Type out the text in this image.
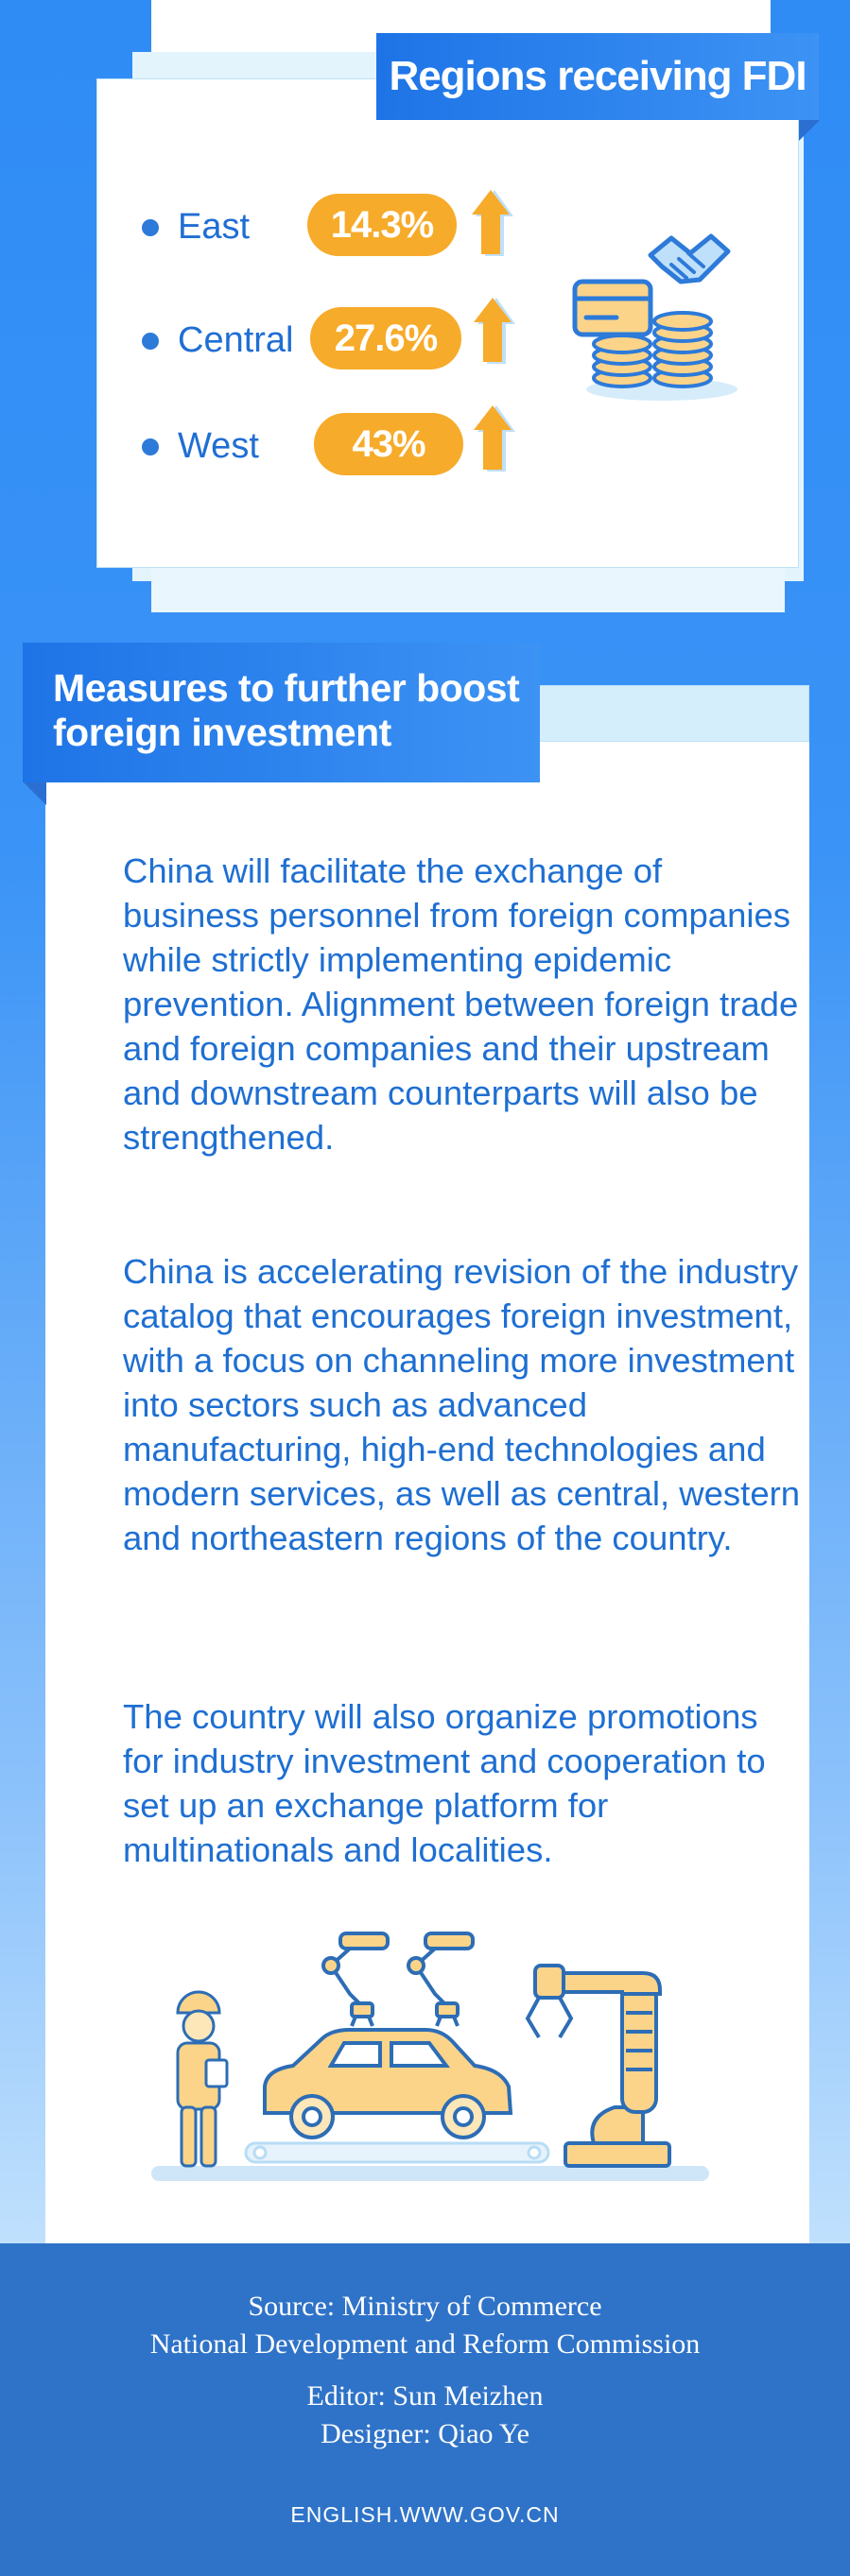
Regions receiving FDI
East	14.3%
Central	27.6%
West	43%
Measures to further boost
foreign investment

China will facilitate the exchange of business personnel from foreign companies while strictly implementing epidemic prevention. Alignment between foreign trade and foreign companies and their upstream and downstream counterparts will also be strengthened.

China is accelerating revision of the industry catalog that encourages foreign investment, with a focus on channeling more investment into sectors such as advanced manufacturing, high-end technologies and modern services, as well as central, western and northeastern regions of the country.

The country will also organize promotions for industry investment and cooperation to set up an exchange platform for multinationals and localities.

Source: Ministry of Commerce
National Development and Reform Commission
Editor: Sun Meizhen
Designer: Qiao Ye
ENGLISH.WWW.GOV.CN
